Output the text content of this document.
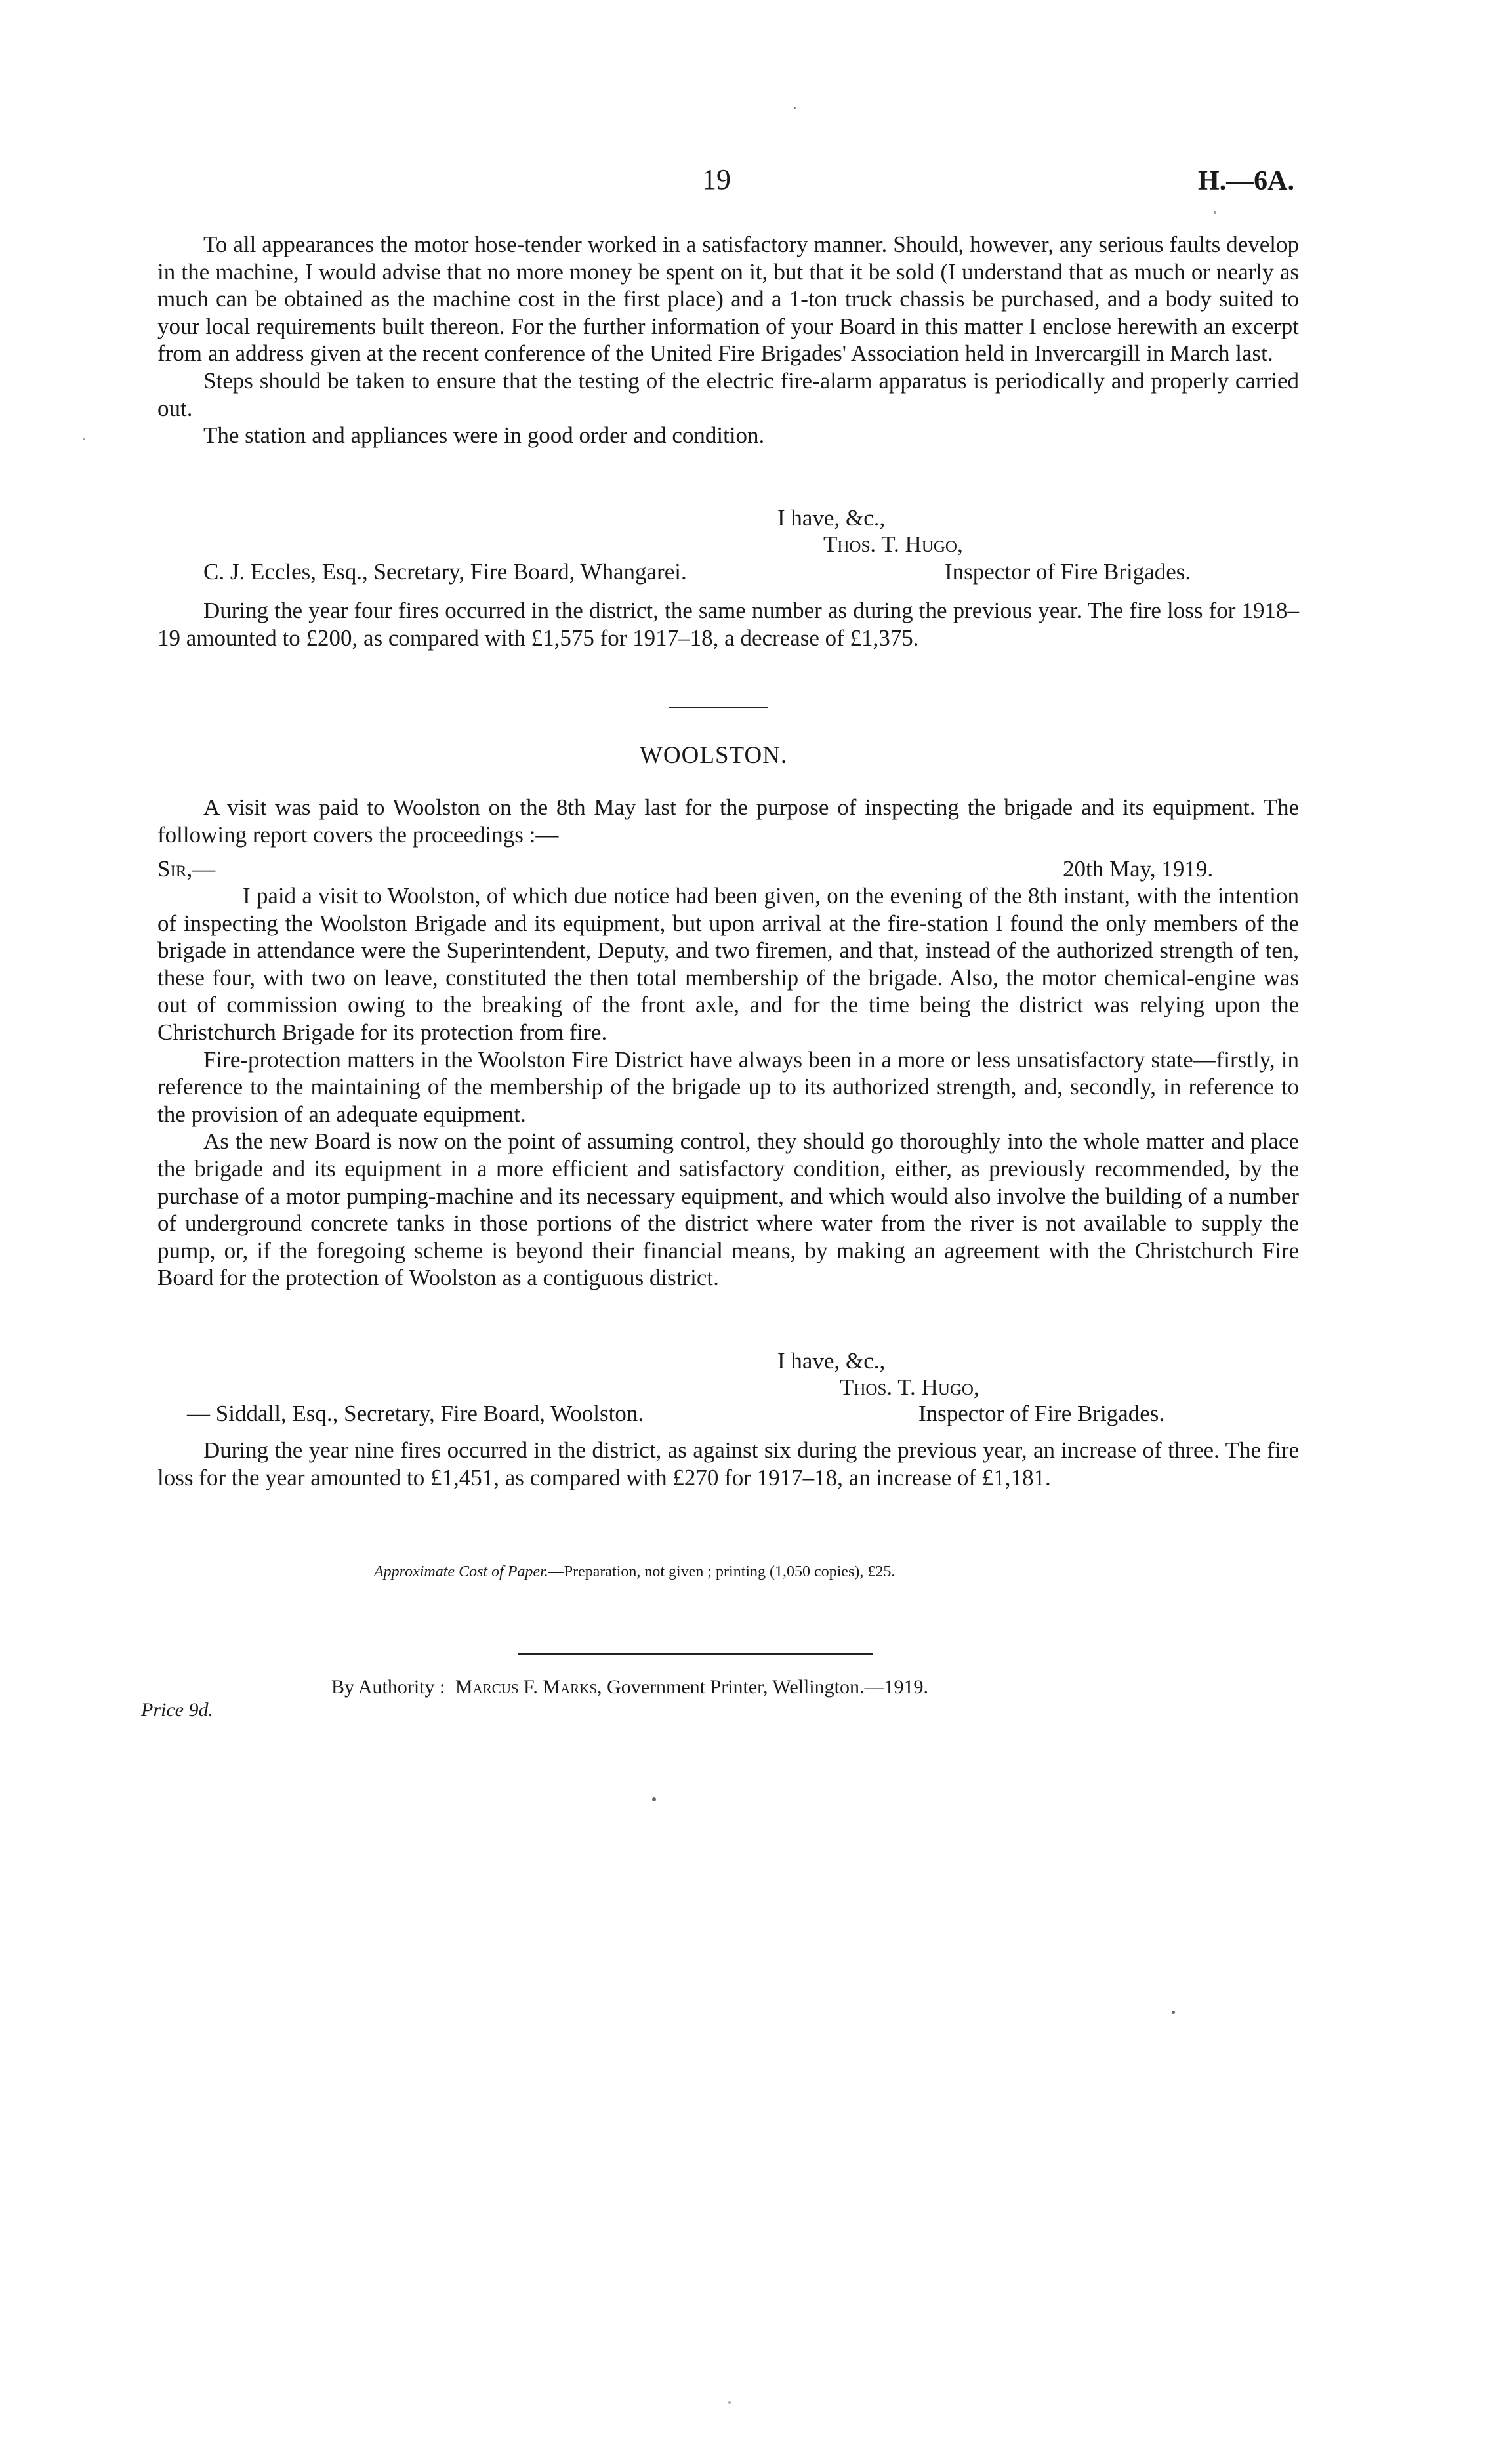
19	H.—6A.

To all appearances the motor hose-tender worked in a satisfactory manner. Should, however, any serious faults develop in the machine, I would advise that no more money be spent on it, but that it be sold (I understand that as much or nearly as much can be obtained as the machine cost in the first place) and a 1-ton truck chassis be purchased, and a body suited to your local requirements built thereon. For the further information of your Board in this matter I enclose herewith an excerpt from an address given at the recent conference of the United Fire Brigades' Association held in Invercargill in March last.

Steps should be taken to ensure that the testing of the electric fire-alarm apparatus is periodically and properly carried out.

The station and appliances were in good order and condition.

I have, &c.,
Thos. T. Hugo,
C. J. Eccles, Esq., Secretary, Fire Board, Whangarei.	Inspector of Fire Brigades.

During the year four fires occurred in the district, the same number as during the previous year. The fire loss for 1918–19 amounted to £200, as compared with £1,575 for 1917–18, a decrease of £1,375.

WOOLSTON.

A visit was paid to Woolston on the 8th May last for the purpose of inspecting the brigade and its equipment. The following report covers the proceedings :—

Sir,—	20th May, 1919.

I paid a visit to Woolston, of which due notice had been given, on the evening of the 8th instant, with the intention of inspecting the Woolston Brigade and its equipment, but upon arrival at the fire-station I found the only members of the brigade in attendance were the Superintendent, Deputy, and two firemen, and that, instead of the authorized strength of ten, these four, with two on leave, constituted the then total membership of the brigade. Also, the motor chemical-engine was out of commission owing to the breaking of the front axle, and for the time being the district was relying upon the Christchurch Brigade for its protection from fire.

Fire-protection matters in the Woolston Fire District have always been in a more or less unsatisfactory state—firstly, in reference to the maintaining of the membership of the brigade up to its authorized strength, and, secondly, in reference to the provision of an adequate equipment.

As the new Board is now on the point of assuming control, they should go thoroughly into the whole matter and place the brigade and its equipment in a more efficient and satisfactory condition, either, as previously recommended, by the purchase of a motor pumping-machine and its necessary equipment, and which would also involve the building of a number of underground concrete tanks in those portions of the district where water from the river is not available to supply the pump, or, if the foregoing scheme is beyond their financial means, by making an agreement with the Christchurch Fire Board for the protection of Woolston as a contiguous district.

I have, &c.,
Thos. T. Hugo,
— Siddall, Esq., Secretary, Fire Board, Woolston.	Inspector of Fire Brigades.

During the year nine fires occurred in the district, as against six during the previous year, an increase of three. The fire loss for the year amounted to £1,451, as compared with £270 for 1917–18, an increase of £1,181.

Approximate Cost of Paper.—Preparation, not given ; printing (1,050 copies), £25.
By Authority : Marcus F. Marks, Government Printer, Wellington.—1919.
Price 9d.
